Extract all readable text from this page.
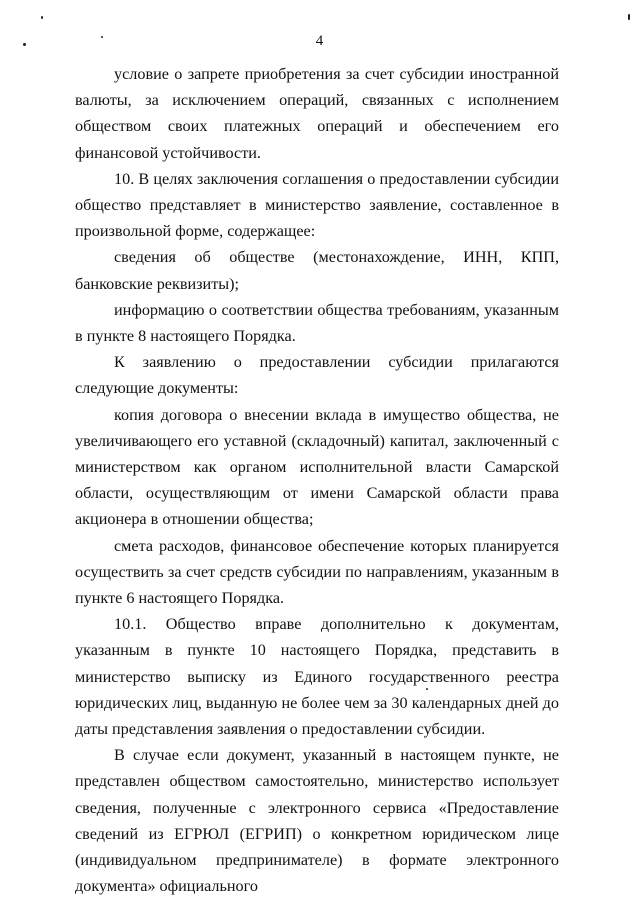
4

условие о запрете приобретения за счет субсидии иностранной валюты, за исключением операций, связанных с исполнением обществом своих платежных операций и обеспечением его финансовой устойчивости.

10. В целях заключения соглашения о предоставлении субсидии общество представляет в министерство заявление, составленное в произвольной форме, содержащее:

сведения об обществе (местонахождение, ИНН, КПП, банковские реквизиты);

информацию о соответствии общества требованиям, указанным в пункте 8 настоящего Порядка.

К заявлению о предоставлении субсидии прилагаются следующие документы:

копия договора о внесении вклада в имущество общества, не увеличивающего его уставной (складочный) капитал, заключенный с министерством как органом исполнительной власти Самарской области, осуществляющим от имени Самарской области права акционера в отношении общества;

смета расходов, финансовое обеспечение которых планируется осуществить за счет средств субсидии по направлениям, указанным в пункте 6 настоящего Порядка.

10.1. Общество вправе дополнительно к документам, указанным в пункте 10 настоящего Порядка, представить в министерство выписку из Единого государственного реестра юридических лиц, выданную не более чем за 30 календарных дней до даты представления заявления о предоставлении субсидии.

В случае если документ, указанный в настоящем пункте, не представлен обществом самостоятельно, министерство использует сведения, полученные с электронного сервиса «Предоставление сведений из ЕГРЮЛ (ЕГРИП) о конкретном юридическом лице (индивидуальном предпринимателе) в формате электронного документа» официального
